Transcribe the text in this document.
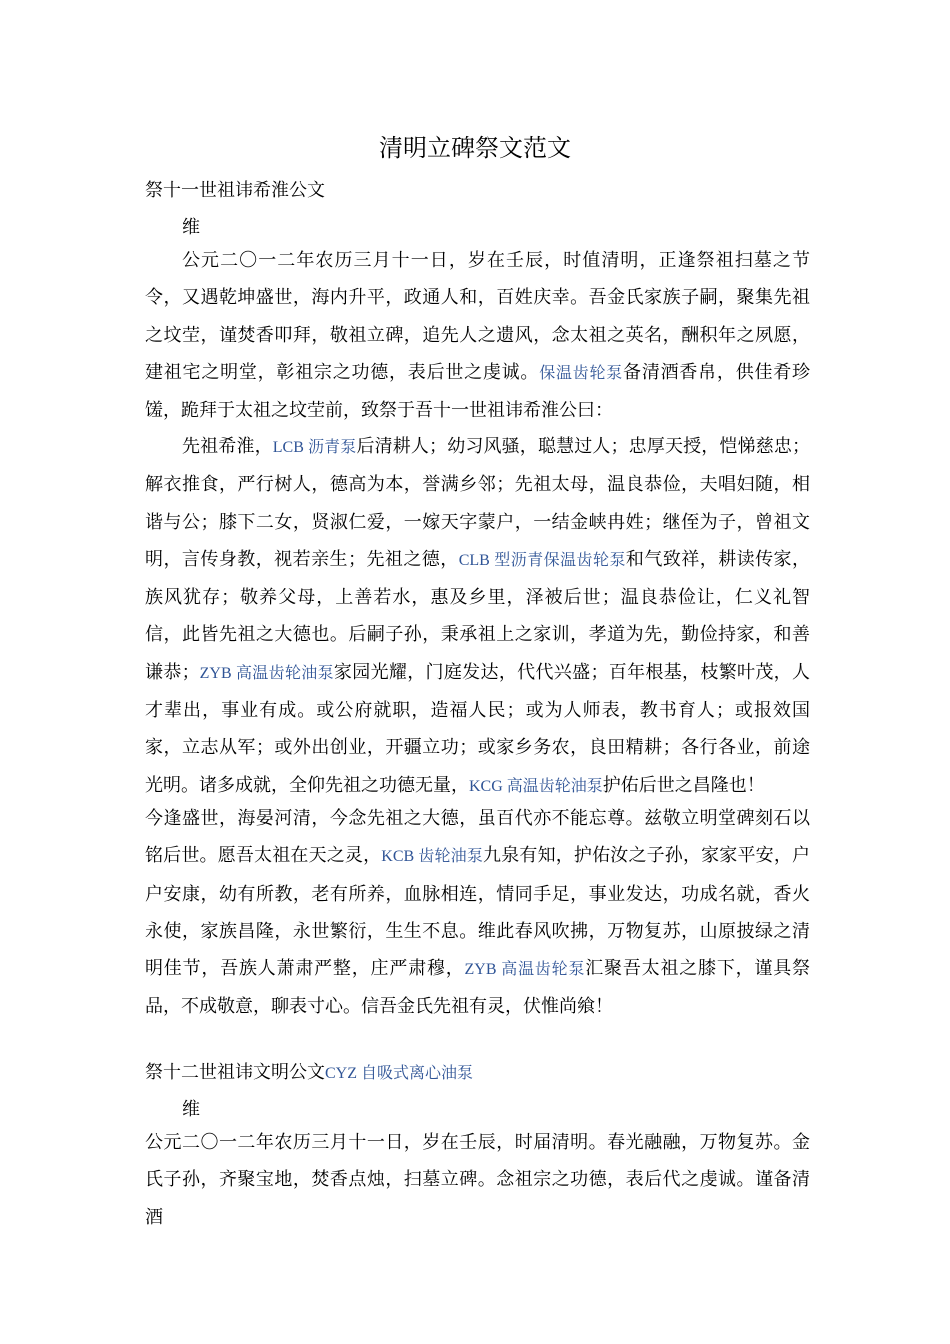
清明立碑祭文范文
祭十一世祖讳希淮公文
维
公元二〇一二年农历三月十一日，岁在壬辰，时值清明，正逢祭祖扫墓之节令，又遇乾坤盛世，海内升平，政通人和，百姓庆幸。吾金氏家族子嗣，聚集先祖之坟茔，谨焚香叩拜，敬祖立碑，追先人之遗风，念太祖之英名，酬积年之夙愿，建祖宅之明堂，彰祖宗之功德，表后世之虔诚。保温齿轮泵备清酒香帛，供佳肴珍馐，跪拜于太祖之坟茔前，致祭于吾十一世祖讳希淮公曰：
先祖希淮，LCB 沥青泵后清耕人；幼习风骚，聪慧过人；忠厚天授，恺悌慈忠；解衣推食，严行树人，德高为本，誉满乡邻；先祖太母，温良恭俭，夫唱妇随，相谐与公；膝下二女，贤淑仁爱，一嫁天字蒙户，一结金峡冉姓；继侄为子，曾祖文明，言传身教，视若亲生；先祖之德，CLB 型沥青保温齿轮泵和气致祥，耕读传家，族风犹存；敬养父母，上善若水，惠及乡里，泽被后世；温良恭俭让，仁义礼智信，此皆先祖之大德也。后嗣子孙，秉承祖上之家训，孝道为先，勤俭持家，和善谦恭；ZYB 高温齿轮油泵家园光耀，门庭发达，代代兴盛；百年根基，枝繁叶茂，人才辈出，事业有成。或公府就职，造福人民；或为人师表，教书育人；或报效国家，立志从军；或外出创业，开疆立功；或家乡务农，良田精耕；各行各业，前途光明。诸多成就，全仰先祖之功德无量，KCG 高温齿轮油泵护佑后世之昌隆也！
今逢盛世，海晏河清，今念先祖之大德，虽百代亦不能忘尊。兹敬立明堂碑刻石以铭后世。愿吾太祖在天之灵，KCB 齿轮油泵九泉有知，护佑汝之子孙，家家平安，户户安康，幼有所教，老有所养，血脉相连，情同手足，事业发达，功成名就，香火永使，家族昌隆，永世繁衍，生生不息。维此春风吹拂，万物复苏，山原披绿之清明佳节，吾族人萧肃严整，庄严肃穆，ZYB 高温齿轮泵汇聚吾太祖之膝下，谨具祭品，不成敬意，聊表寸心。信吾金氏先祖有灵，伏惟尚飨！
祭十二世祖讳文明公文CYZ 自吸式离心油泵
维
公元二〇一二年农历三月十一日，岁在壬辰，时届清明。春光融融，万物复苏。金氏子孙，齐聚宝地，焚香点烛，扫墓立碑。念祖宗之功德，表后代之虔诚。谨备清酒
